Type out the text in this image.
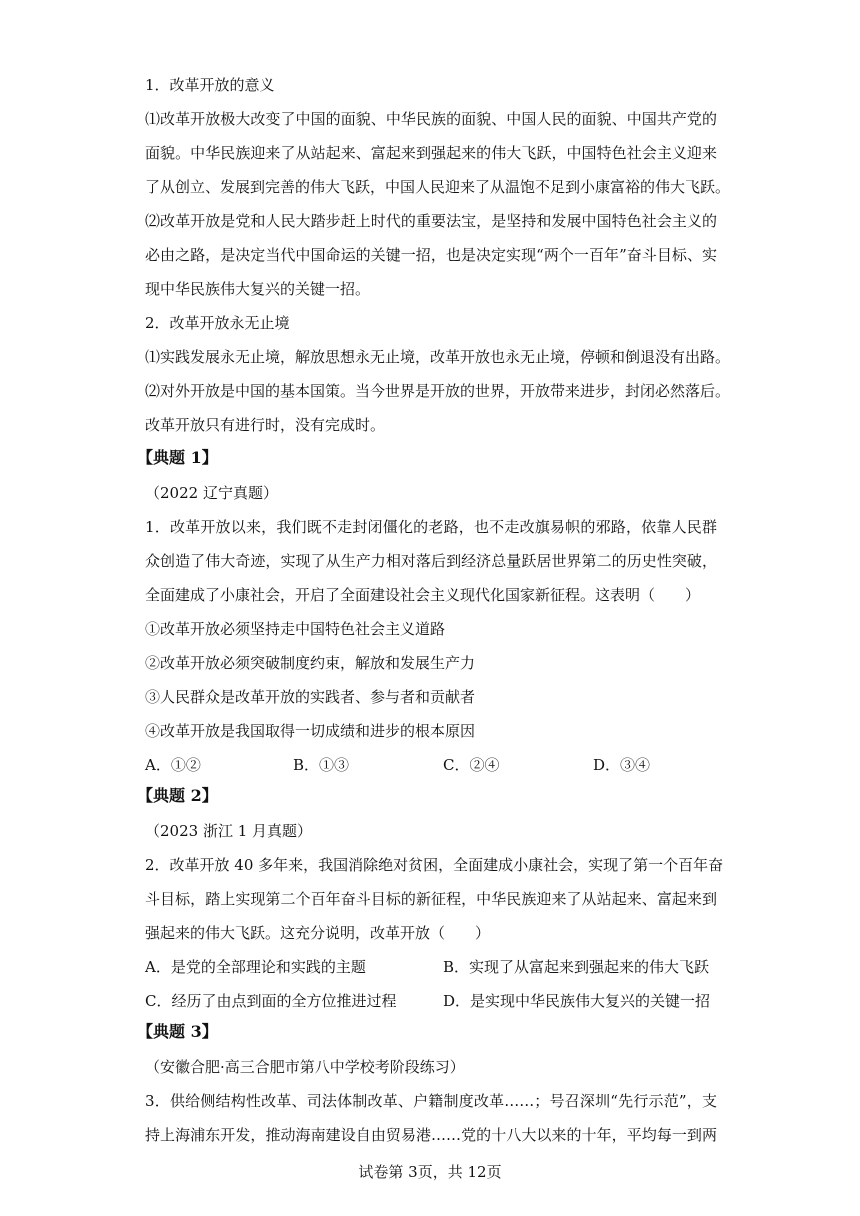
1．改革开放的意义
⑴改革开放极大改变了中国的面貌、中华民族的面貌、中国人民的面貌、中国共产党的
面貌。中华民族迎来了从站起来、富起来到强起来的伟大飞跃，中国特色社会主义迎来
了从创立、发展到完善的伟大飞跃，中国人民迎来了从温饱不足到小康富裕的伟大飞跃。
⑵改革开放是党和人民大踏步赶上时代的重要法宝，是坚持和发展中国特色社会主义的
必由之路，是决定当代中国命运的关键一招，也是决定实现“两个一百年”奋斗目标、实
现中华民族伟大复兴的关键一招。
2．改革开放永无止境
⑴实践发展永无止境，解放思想永无止境，改革开放也永无止境，停顿和倒退没有出路。
⑵对外开放是中国的基本国策。当今世界是开放的世界，开放带来进步，封闭必然落后。
改革开放只有进行时，没有完成时。
【典题 1】
（2022 辽宁真题）
1．改革开放以来，我们既不走封闭僵化的老路，也不走改旗易帜的邪路，依靠人民群
众创造了伟大奇迹，实现了从生产力相对落后到经济总量跃居世界第二的历史性突破，
全面建成了小康社会，开启了全面建设社会主义现代化国家新征程。这表明（　　）
①改革开放必须坚持走中国特色社会主义道路
②改革开放必须突破制度约束，解放和发展生产力
③人民群众是改革开放的实践者、参与者和贡献者
④改革开放是我国取得一切成绩和进步的根本原因
A．①②	B．①③	C．②④	D．③④
【典题 2】
（2023 浙江 1 月真题）
2．改革开放 40 多年来，我国消除绝对贫困，全面建成小康社会，实现了第一个百年奋
斗目标，踏上实现第二个百年奋斗目标的新征程，中华民族迎来了从站起来、富起来到
强起来的伟大飞跃。这充分说明，改革开放（　　）
A．是党的全部理论和实践的主题	B．实现了从富起来到强起来的伟大飞跃
C．经历了由点到面的全方位推进过程	D．是实现中华民族伟大复兴的关键一招
【典题 3】
（安徽合肥·高三合肥市第八中学校考阶段练习）
3．供给侧结构性改革、司法体制改革、户籍制度改革……；号召深圳“先行示范”，支
持上海浦东开发，推动海南建设自由贸易港……党的十八大以来的十年，平均每一到两
试卷第 3页，共 12页
